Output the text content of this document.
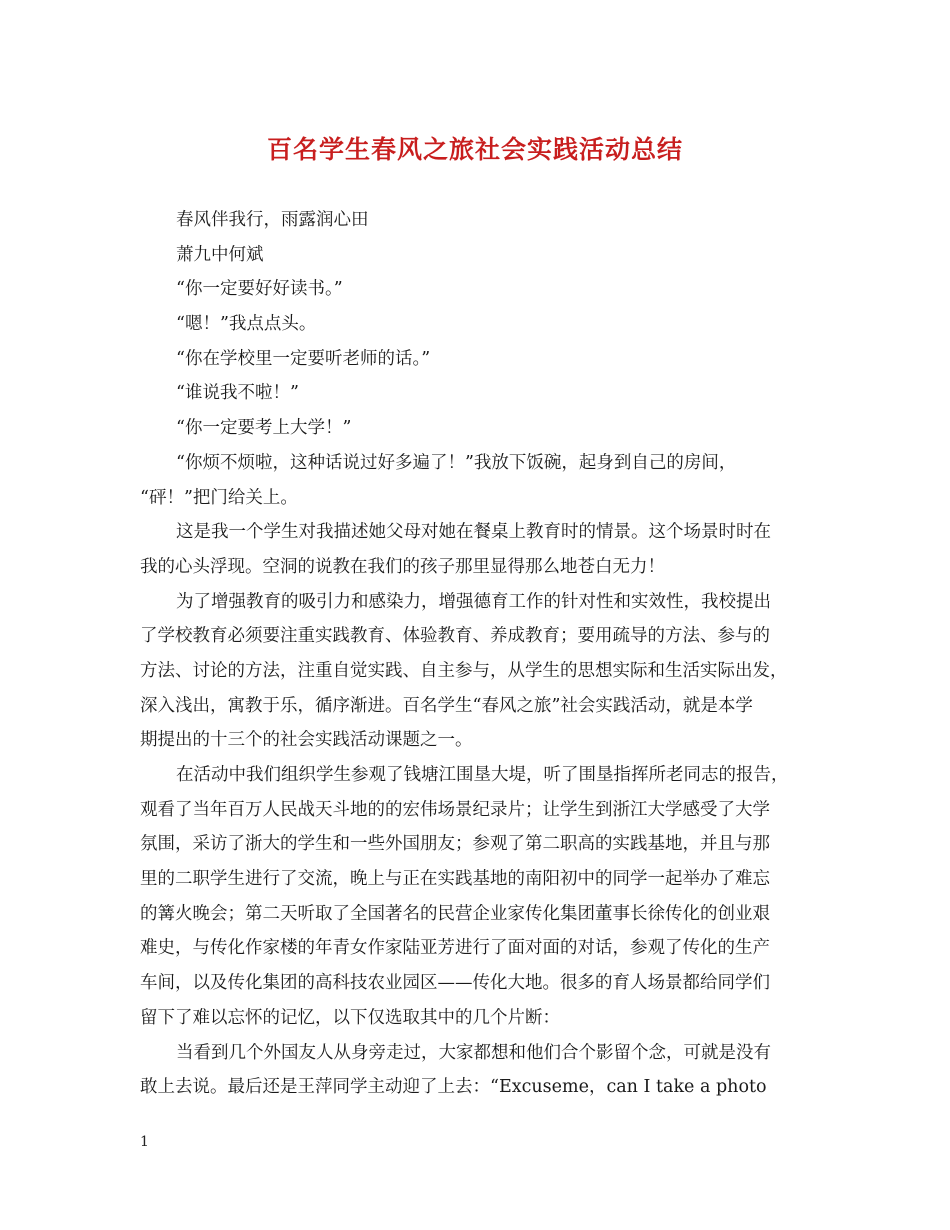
百名学生春风之旅社会实践活动总结
春风伴我行，雨露润心田
萧九中何斌
“你一定要好好读书。”
“嗯！”我点点头。
“你在学校里一定要听老师的话。”
“谁说我不啦！”
“你一定要考上大学！”
“你烦不烦啦，这种话说过好多遍了！”我放下饭碗，起身到自己的房间，
“砰！”把门给关上。
这是我一个学生对我描述她父母对她在餐桌上教育时的情景。这个场景时时在
我的心头浮现。空洞的说教在我们的孩子那里显得那么地苍白无力！
为了增强教育的吸引力和感染力，增强德育工作的针对性和实效性，我校提出
了学校教育必须要注重实践教育、体验教育、养成教育；要用疏导的方法、参与的
方法、讨论的方法，注重自觉实践、自主参与，从学生的思想实际和生活实际出发，
深入浅出，寓教于乐，循序渐进。百名学生“春风之旅”社会实践活动，就是本学
期提出的十三个的社会实践活动课题之一。
在活动中我们组织学生参观了钱塘江围垦大堤，听了围垦指挥所老同志的报告，
观看了当年百万人民战天斗地的的宏伟场景纪录片；让学生到浙江大学感受了大学
氛围，采访了浙大的学生和一些外国朋友；参观了第二职高的实践基地，并且与那
里的二职学生进行了交流，晚上与正在实践基地的南阳初中的同学一起举办了难忘
的篝火晚会；第二天听取了全国著名的民营企业家传化集团董事长徐传化的创业艰
难史，与传化作家楼的年青女作家陆亚芳进行了面对面的对话，参观了传化的生产
车间，以及传化集团的高科技农业园区——传化大地。很多的育人场景都给同学们
留下了难以忘怀的记忆，以下仅选取其中的几个片断：
当看到几个外国友人从身旁走过，大家都想和他们合个影留个念，可就是没有
敢上去说。最后还是王萍同学主动迎了上去：“Excuseme，can I take a photo
1
